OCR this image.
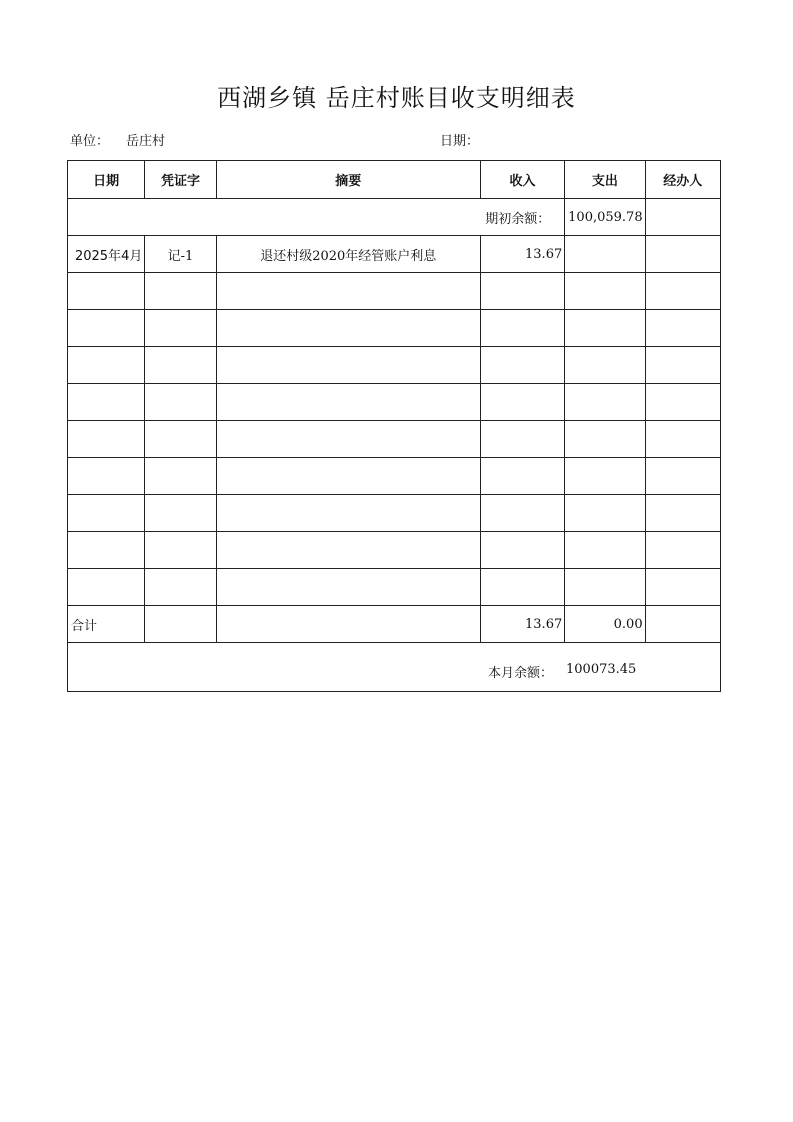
西湖乡镇 岳庄村账目收支明细表
单位： 岳庄村	日期：
日期	凭证字	摘要	收入	支出	经办人
期初余额：				100,059.78	
2025年4月	记-1	退还村级2020年经管账户利息	13.67		

合计			13.67	0.00	

本月余额： 100073.45					
